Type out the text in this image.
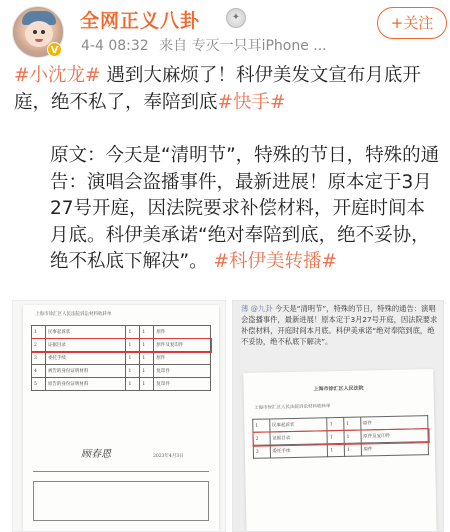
V
全网正义八卦	✦
4-4 08:32 来自 专灭一只耳iPhone ...
+关注
#小沈龙# 遇到大麻烦了！科伊美发文宣布月底开庭，绝不私了，奉陪到底#快手#
原文：今天是“清明节”，特殊的节日，特殊的通告：演唱会盗播事件，最新进展！原本定于3月27号开庭，因法院要求补偿材料，开庭时间本月底。科伊美承诺“绝对奉陪到底，绝不妥协，绝不私底下解决”。 #科伊美转播#
上海市徐汇区人民法院诉讼材料收转单
1	民事起诉状	1	1	原件
2	证据目录	1	1	原件及复印件
3	委托手续	1	1	原件
4	被告的身份证明材料	1	1	复印件
5	原告的身份证明材料	1	1	复印件
顾春恩	2023年4月3日
薄 @九卦 今天是“清明节”，特殊的节日，特殊的通告：演唱会盗播事件，最新进展！原本定于3月27号开庭，因法院要求补偿材料，开庭时间本月底。科伊美承诺“绝对奉陪到底，绝不妥协，绝不私底下解决”。
上海市徐汇区人民法院
上海市徐汇区人民法院诉讼材料收转单
1	民事起诉状	1	1	原件
2	证据目录	1	1	原件及复印件
3	委托手续	1	1	原件
